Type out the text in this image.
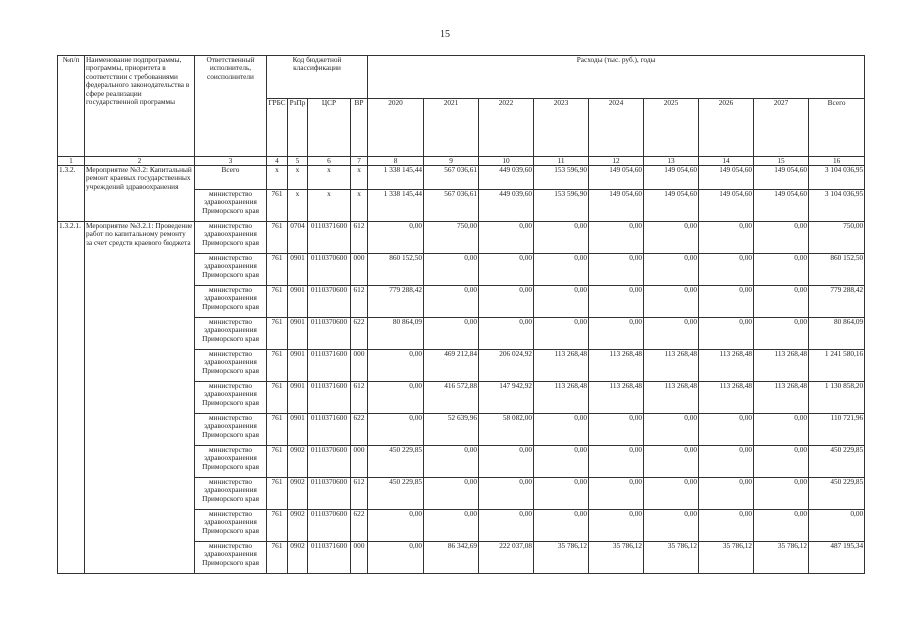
15
№п/п	Наименование подпрограммы, программы, приоритета в соответствии с требованиями федерального законодательства в сфере реализации государственной программы	Ответственный исполнитель, соисполнители	Код бюджетной классификации				Расходы (тыс. руб.), годы								
			ГРБС	РзПр	ЦСР	ВР	2020	2021	2022	2023	2024	2025	2026	2027	Всего
1	2	3	4	5	6	7	8	9	10	11	12	13	14	15	16
1.3.2.	Мероприятие №3.2: Капитальный ремонт краевых государственных учреждений здравоохранения	Всего	x	x	x	x	1 338 145,44	567 036,61	449 039,60	153 596,90	149 054,60	149 054,60	149 054,60	149 054,60	3 104 036,95
		министерство здравоохранения Приморского края	761	x	x	x	1 338 145,44	567 036,61	449 039,60	153 596,90	149 054,60	149 054,60	149 054,60	149 054,60	3 104 036,95
1.3.2.1.	Мероприятие №3.2.1: Проведение работ по капитальному ремонту за счет средств краевого бюджета	министерство здравоохранения Приморского края	761	0704	0110371600	612	0,00	750,00	0,00	0,00	0,00	0,00	0,00	0,00	750,00
		министерство здравоохранения Приморского края	761	0901	0110370600	000	860 152,50	0,00	0,00	0,00	0,00	0,00	0,00	0,00	860 152,50
		министерство здравоохранения Приморского края	761	0901	0110370600	612	779 288,42	0,00	0,00	0,00	0,00	0,00	0,00	0,00	779 288,42
		министерство здравоохранения Приморского края	761	0901	0110370600	622	80 864,09	0,00	0,00	0,00	0,00	0,00	0,00	0,00	80 864,09
		министерство здравоохранения Приморского края	761	0901	0110371600	000	0,00	469 212,84	206 024,92	113 268,48	113 268,48	113 268,48	113 268,48	113 268,48	1 241 580,16
		министерство здравоохранения Приморского края	761	0901	0110371600	612	0,00	416 572,88	147 942,92	113 268,48	113 268,48	113 268,48	113 268,48	113 268,48	1 130 858,20
		министерство здравоохранения Приморского края	761	0901	0110371600	622	0,00	52 639,96	58 082,00	0,00	0,00	0,00	0,00	0,00	110 721,96
		министерство здравоохранения Приморского края	761	0902	0110370600	000	450 229,85	0,00	0,00	0,00	0,00	0,00	0,00	0,00	450 229,85
		министерство здравоохранения Приморского края	761	0902	0110370600	612	450 229,85	0,00	0,00	0,00	0,00	0,00	0,00	0,00	450 229,85
		министерство здравоохранения Приморского края	761	0902	0110370600	622	0,00	0,00	0,00	0,00	0,00	0,00	0,00	0,00	0,00
		министерство здравоохранения Приморского края	761	0902	0110371600	000	0,00	86 342,69	222 037,08	35 786,12	35 786,12	35 786,12	35 786,12	35 786,12	487 195,34
